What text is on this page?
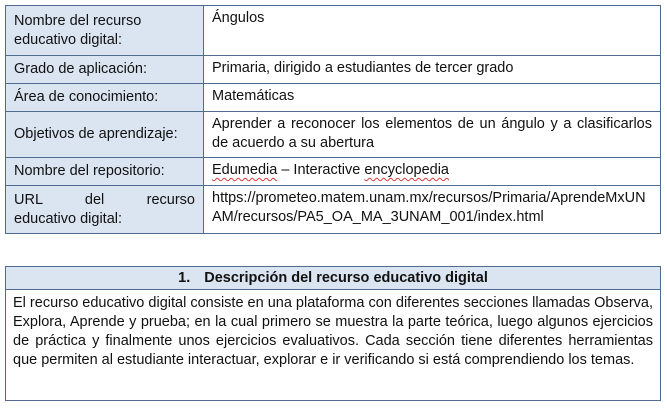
Nombre del recurso educativo digital:	Ángulos
Grado de aplicación:	Primaria, dirigido a estudiantes de tercer grado
Área de conocimiento:	Matemáticas
Objetivos de aprendizaje:	Aprender a reconocer los elementos de un ángulo y a clasificarlos de acuerdo a su abertura
Nombre del repositorio:	Edumedia – Interactive encyclopedia

URL del recurso
educativo digital:	https://prometeo.matem.unam.mx/recursos/Primaria/AprendeMxUNAM/recursos/PA5_OA_MA_3UNAM_001/index.html
1. Descripción del recurso educativo digital
El recurso educativo digital consiste en una plataforma con diferentes secciones llamadas Observa, Explora, Aprende y prueba; en la cual primero se muestra la parte teórica, luego algunos ejercicios de práctica y finalmente unos ejercicios evaluativos. Cada sección tiene diferentes herramientas que permiten al estudiante interactuar, explorar e ir verificando si está comprendiendo los temas.
